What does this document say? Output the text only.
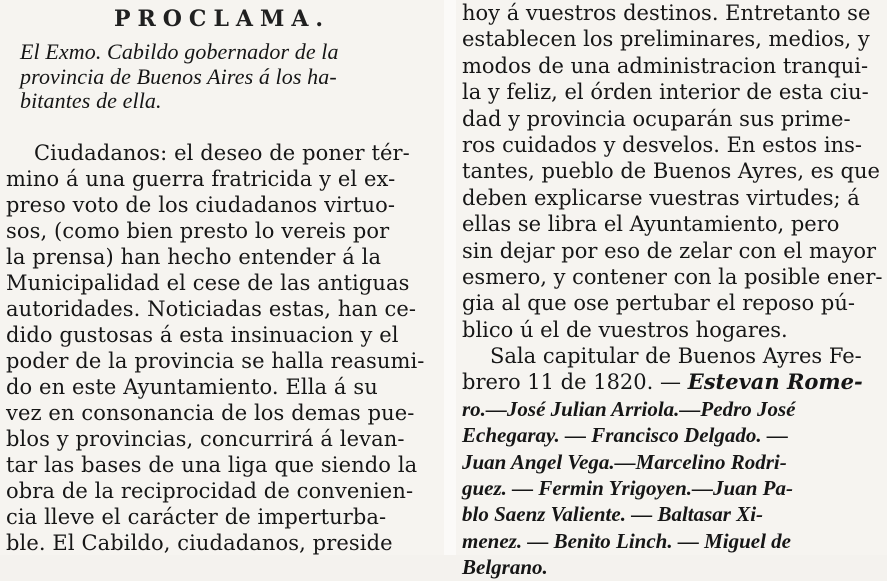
PROCLAMA.
El Exmo. Cabildo gobernador de la
provincia de Buenos Aires á los ha-
bitantes de ella.
Ciudadanos: el deseo de poner tér-
mino á una guerra fratricida y el ex-
preso voto de los ciudadanos virtuo-
sos, (como bien presto lo vereis por
la prensa) han hecho entender á la
Municipalidad el cese de las antiguas
autoridades. Noticiadas estas, han ce-
dido gustosas á esta insinuacion y el
poder de la provincia se halla reasumi-
do en este Ayuntamiento. Ella á su
vez en consonancia de los demas pue-
blos y provincias, concurrirá á levan-
tar las bases de una liga que siendo la
obra de la reciprocidad de convenien-
cia lleve el carácter de imperturba-
ble. El Cabildo, ciudadanos, preside
hoy á vuestros destinos. Entretanto se
establecen los preliminares, medios, y
modos de una administracion tranqui-
la y feliz, el órden interior de esta ciu-
dad y provincia ocuparán sus prime-
ros cuidados y desvelos. En estos ins-
tantes, pueblo de Buenos Ayres, es que
deben explicarse vuestras virtudes; á
ellas se libra el Ayuntamiento, pero
sin dejar por eso de zelar con el mayor
esmero, y contener con la posible ener-
gia al que ose pertubar el reposo pú-
blico ú el de vuestros hogares.
Sala capitular de Buenos Ayres Fe-
brero 11 de 1820. — Estevan Rome-
ro.—José Julian Arriola.—Pedro José
Echegaray. — Francisco Delgado. —
Juan Angel Vega.—Marcelino Rodri-
guez. — Fermin Yrigoyen.—Juan Pa-
blo Saenz Valiente. — Baltasar Xi-
menez. — Benito Linch. — Miguel de
Belgrano.
